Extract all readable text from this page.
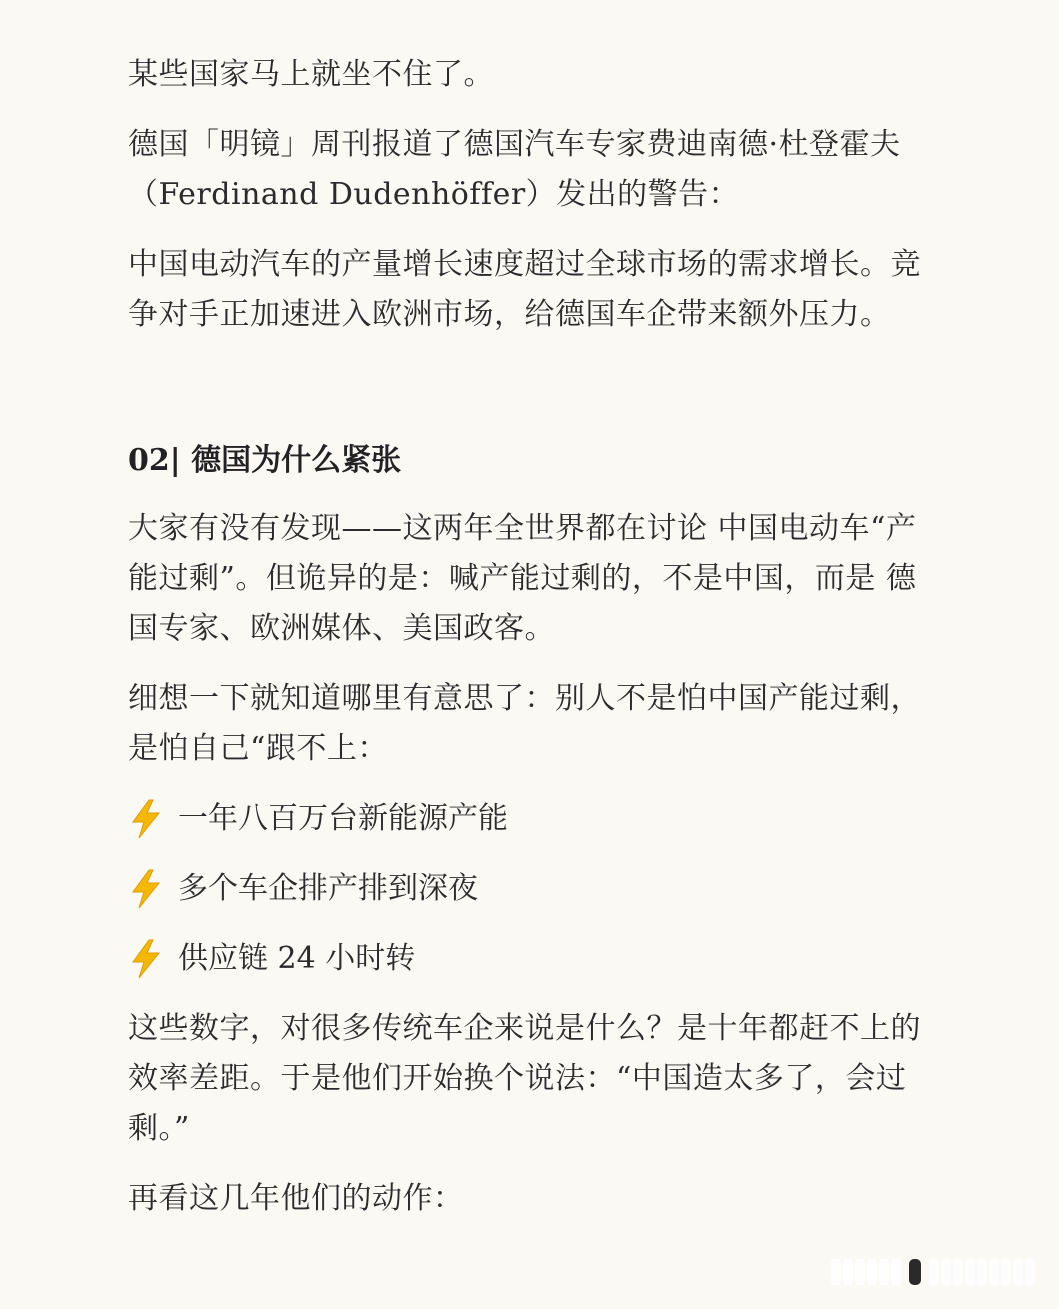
某些国家马上就坐不住了。

德国「明镜」周刊报道了德国汽车专家费迪南德·杜登霍夫
（Ferdinand Dudenhöffer）发出的警告：

中国电动汽车的产量增长速度超过全球市场的需求增长。竞
争对手正加速进入欧洲市场，给德国车企带来额外压力。

02| 德国为什么紧张

大家有没有发现——这两年全世界都在讨论 中国电动车“产
能过剩”。但诡异的是：喊产能过剩的，不是中国，而是 德
国专家、欧洲媒体、美国政客。

细想一下就知道哪里有意思了：别人不是怕中国产能过剩，
是怕自己“跟不上：

一年八百万台新能源产能
多个车企排产排到深夜
供应链 24 小时转

这些数字，对很多传统车企来说是什么？是十年都赶不上的
效率差距。于是他们开始换个说法：“中国造太多了，会过
剩。”

再看这几年他们的动作：
